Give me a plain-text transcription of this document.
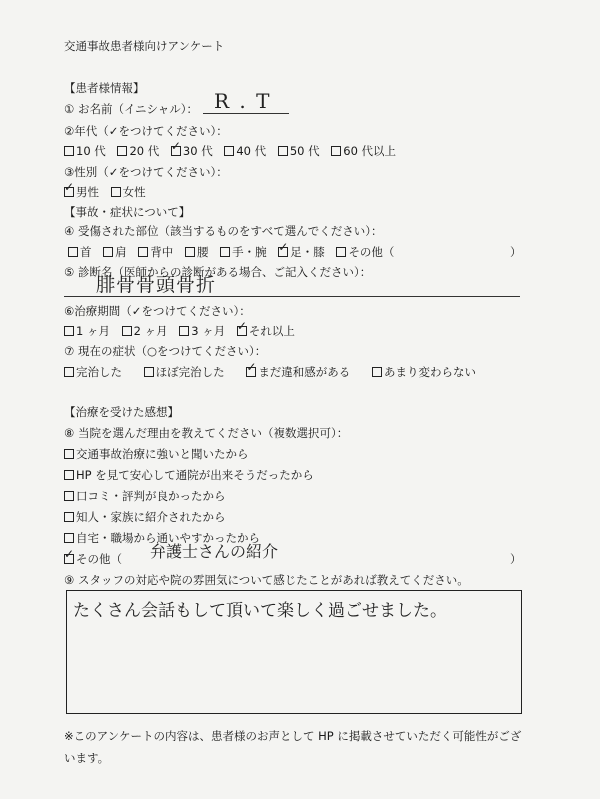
交通事故患者様向けアンケート
【患者様情報】
① お名前（イニシャル）： R . T
②年代（✓をつけてください）：
10 代 20 代 ✓ 30 代 40 代 50 代 60 代以上
③性別（✓をつけてください）：
✓男性 女性
【事故・症状について】
④ 受傷された部位（該当するものをすべて選んでください）：
首 肩 背中 腰 手・腕 ✓ 足・膝 その他（	）
⑤ 診断名（医師からの診断がある場合、ご記入ください）：
腓骨骨頭骨折
⑥治療期間（✓をつけてください）：
1 ヶ月 2 ヶ月 3 ヶ月 ✓ それ以上
⑦ 現在の症状（○をつけてください）：
完治した	ほぼ完治した ✓	まだ違和感がある	あまり変わらない
【治療を受けた感想】
⑧ 当院を選んだ理由を教えてください（複数選択可）：
交通事故治療に強いと聞いたから
HP を見て安心して通院が出来そうだったから
口コミ・評判が良かったから
知人・家族に紹介されたから
自宅・職場から通いやすかったから
✓その他（ 弁護士さんの紹介	）
⑨ スタッフの対応や院の雰囲気について感じたことがあれば教えてください。
たくさん会話もして頂いて楽しく過ごせました。
※このアンケートの内容は、患者様のお声として HP に掲載させていただく可能性がござ
います。
